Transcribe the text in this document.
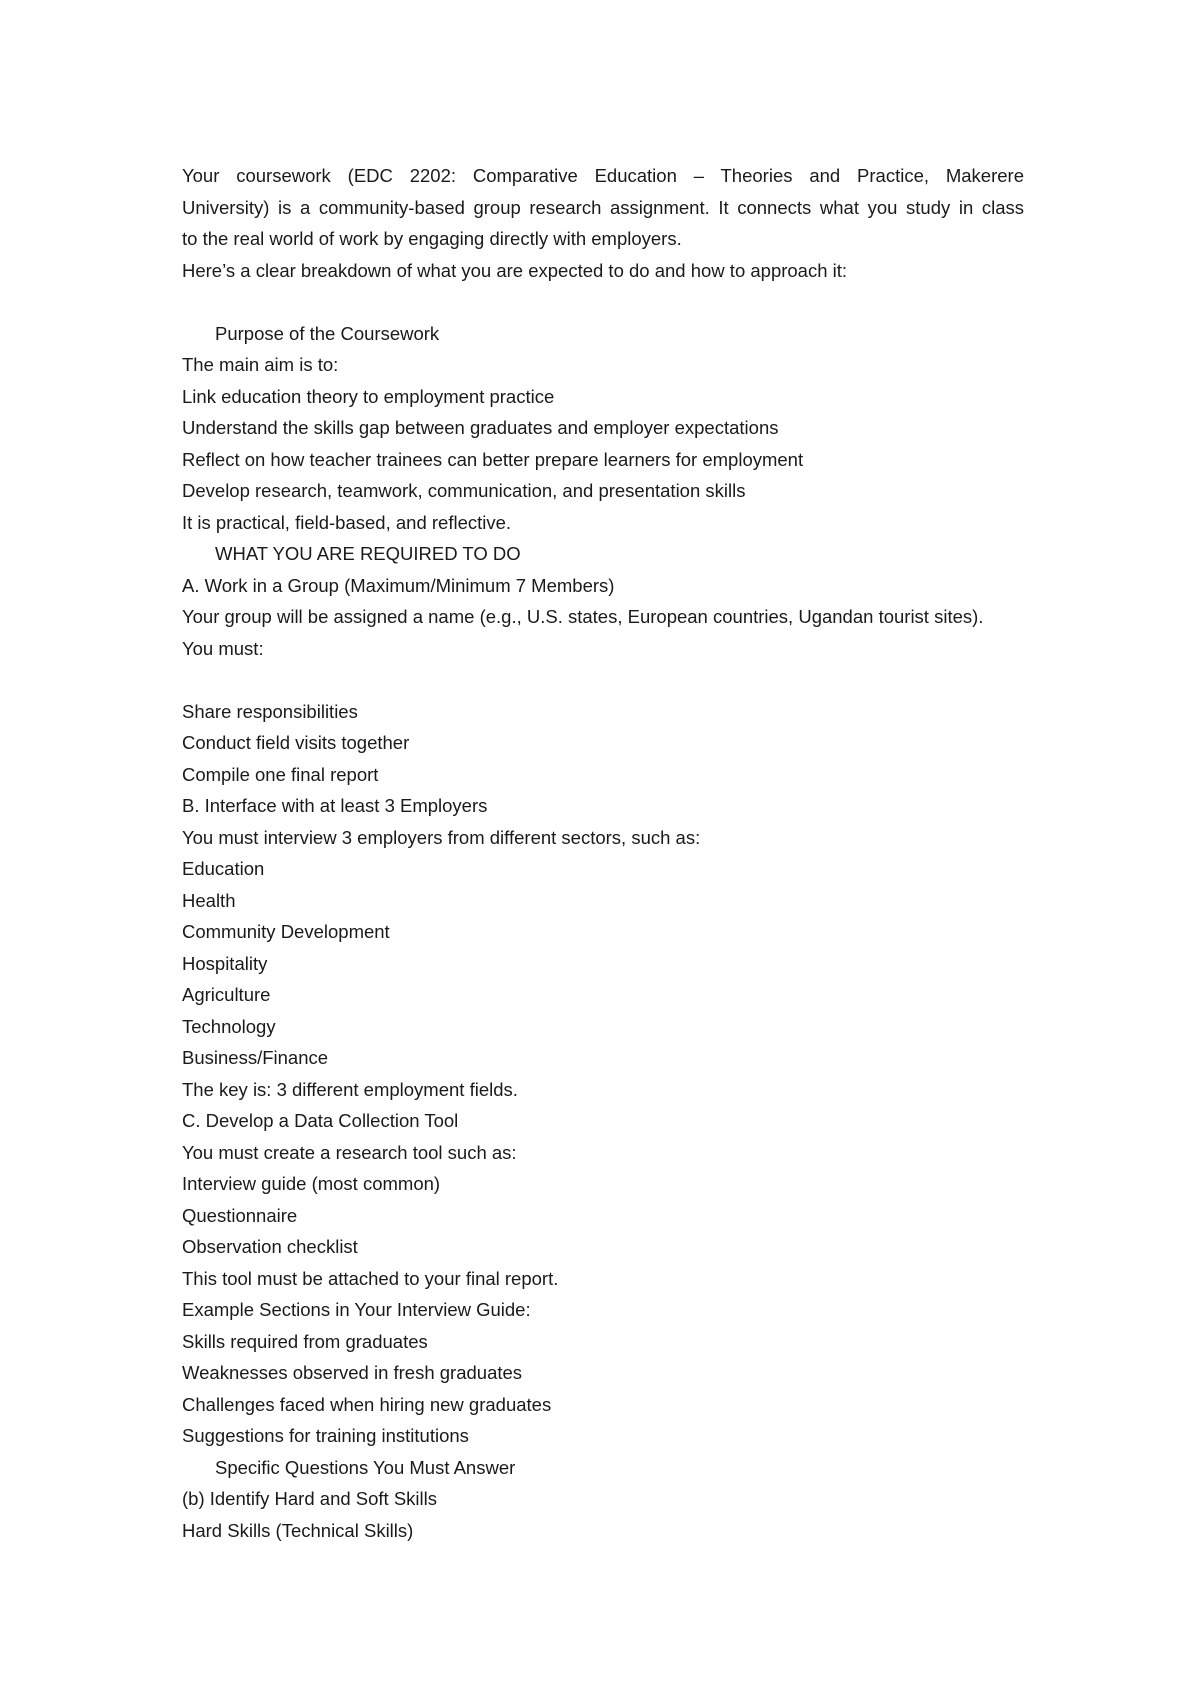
Your coursework (EDC 2202: Comparative Education – Theories and Practice, Makerere
University) is a community-based group research assignment. It connects what you study in class
to the real world of work by engaging directly with employers.
Here’s a clear breakdown of what you are expected to do and how to approach it:
Purpose of the Coursework
The main aim is to:
Link education theory to employment practice
Understand the skills gap between graduates and employer expectations
Reflect on how teacher trainees can better prepare learners for employment
Develop research, teamwork, communication, and presentation skills
It is practical, field-based, and reflective.
WHAT YOU ARE REQUIRED TO DO
A. Work in a Group (Maximum/Minimum 7 Members)
Your group will be assigned a name (e.g., U.S. states, European countries, Ugandan tourist sites).
You must:
Share responsibilities
Conduct field visits together
Compile one final report
B. Interface with at least 3 Employers
You must interview 3 employers from different sectors, such as:
Education
Health
Community Development
Hospitality
Agriculture
Technology
Business/Finance
The key is: 3 different employment fields.
C. Develop a Data Collection Tool
You must create a research tool such as:
Interview guide (most common)
Questionnaire
Observation checklist
This tool must be attached to your final report.
Example Sections in Your Interview Guide:
Skills required from graduates
Weaknesses observed in fresh graduates
Challenges faced when hiring new graduates
Suggestions for training institutions
Specific Questions You Must Answer
(b) Identify Hard and Soft Skills
Hard Skills (Technical Skills)
